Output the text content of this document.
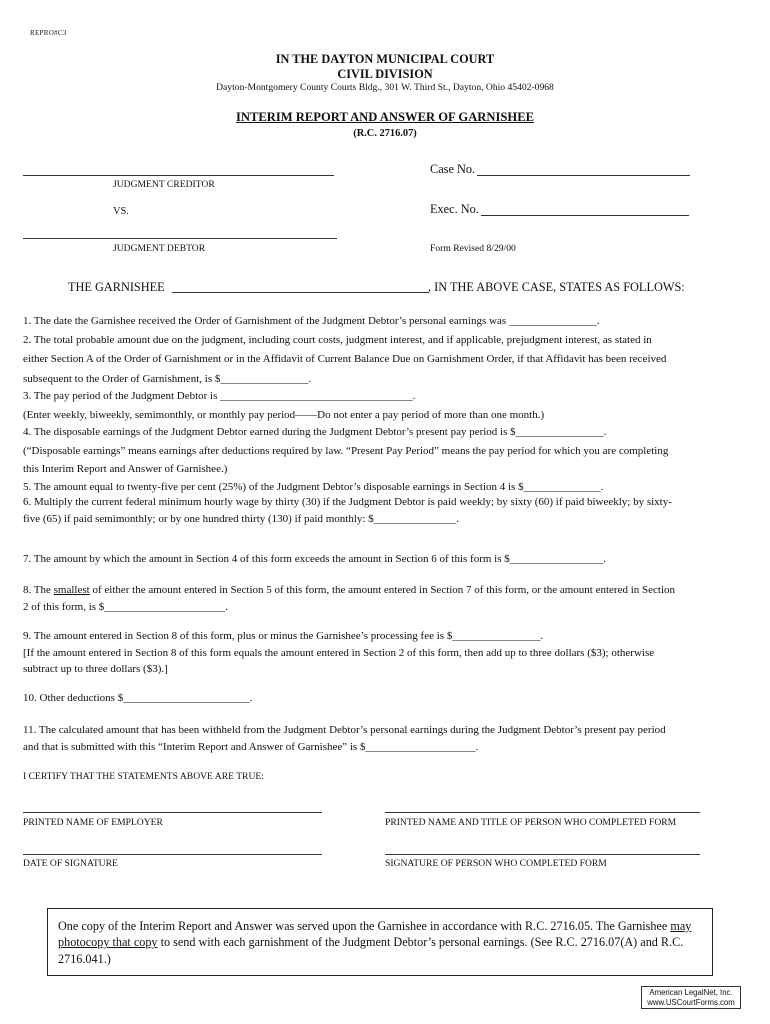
REPRO#C3
IN THE DAYTON MUNICIPAL COURT
CIVIL DIVISION
Dayton-Montgomery County Courts Bldg., 301 W. Third St., Dayton, Ohio 45402-0968
INTERIM REPORT AND ANSWER OF GARNISHEE
(R.C. 2716.07)
JUDGMENT CREDITOR
VS.
JUDGMENT DEBTOR
Case No.
Exec. No.
Form Revised 8/29/00
THE GARNISHEE	, IN THE ABOVE CASE, STATES AS FOLLOWS:

1. The date the Garnishee received the Order of Garnishment of the Judgment Debtor’s personal earnings was ________________.

2. The total probable amount due on the judgment, including court costs, judgment interest, and if applicable, prejudgment interest, as stated in

either Section A of the Order of Garnishment or in the Affidavit of Current Balance Due on Garnishment Order, if that Affidavit has been received

subsequent to the Order of Garnishment, is $________________.

3. The pay period of the Judgment Debtor is ___________________________________.

(Enter weekly, biweekly, semimonthly, or monthly pay period——Do not enter a pay period of more than one month.)

4. The disposable earnings of the Judgment Debtor earned during the Judgment Debtor’s present pay period is $________________.

(“Disposable earnings” means earnings after deductions required by law. “Present Pay Period” means the pay period for which you are completing

this Interim Report and Answer of Garnishee.)

5. The amount equal to twenty-five per cent (25%) of the Judgment Debtor’s disposable earnings in Section 4 is $______________.

6. Multiply the current federal minimum hourly wage by thirty (30) if the Judgment Debtor is paid weekly; by sixty (60) if paid biweekly; by sixty-

five (65) if paid semimonthly; or by one hundred thirty (130) if paid monthly: $_______________.

7. The amount by which the amount in Section 4 of this form exceeds the amount in Section 6 of this form is $_________________.

8. The smallest of either the amount entered in Section 5 of this form, the amount entered in Section 7 of this form, or the amount entered in Section

2 of this form, is $______________________.

9. The amount entered in Section 8 of this form, plus or minus the Garnishee’s processing fee is $________________.

[If the amount entered in Section 8 of this form equals the amount entered in Section 2 of this form, then add up to three dollars ($3); otherwise

subtract up to three dollars ($3).]

10. Other deductions $_______________________.

11. The calculated amount that has been withheld from the Judgment Debtor’s personal earnings during the Judgment Debtor’s present pay period

and that is submitted with this “Interim Report and Answer of Garnishee” is $____________________.

I CERTIFY THAT THE STATEMENTS ABOVE ARE TRUE:
PRINTED NAME OF EMPLOYER	PRINTED NAME AND TITLE OF PERSON WHO COMPLETED FORM
DATE OF SIGNATURE	SIGNATURE OF PERSON WHO COMPLETED FORM
One copy of the Interim Report and Answer was served upon the Garnishee in accordance with R.C. 2716.05. The Garnishee may photocopy that copy to send with each garnishment of the Judgment Debtor’s personal earnings. (See R.C. 2716.07(A) and R.C. 2716.041.)
American LegalNet, Inc.
www.USCourtForms.com
